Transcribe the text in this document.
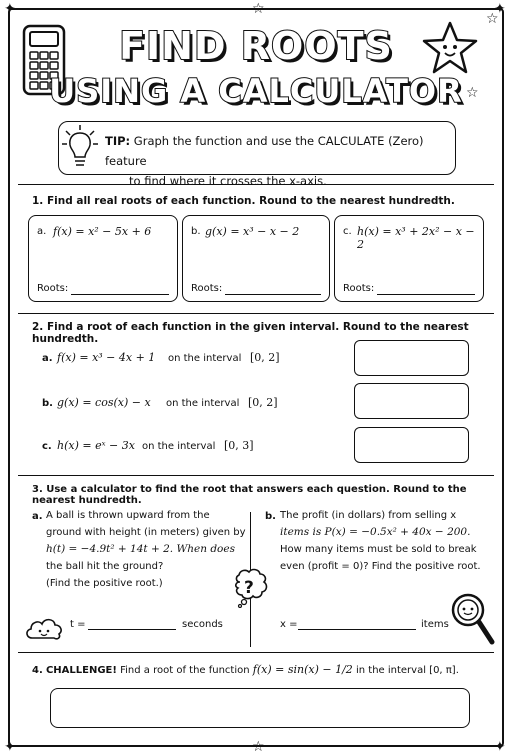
✦	☆	✦
✦	☆	✦
☆
☆
FIND ROOTS
USING A CALCULATOR
TIP: Graph the function and use the CALCULATE (Zero) feature
to find where it crosses the x-axis.
1. Find all real roots of each function. Round to the nearest hundredth.
a. f(x) = x² − 5x + 6
Roots:
b. g(x) = x³ − x − 2
Roots:
c. h(x) = x³ + 2x² − x − 2
Roots:
2. Find a root of each function in the given interval. Round to the nearest hundredth.
a. f(x) = x³ − 4x + 1 on the interval [0, 2]
b. g(x) = cos(x) − x on the interval [0, 2]
c. h(x) = eˣ − 3x on the interval [0, 3]
3. Use a calculator to find the root that answers each question. Round to the nearest hundredth.
a. A ball is thrown upward from the
ground with height (in meters) given by
h(t) = −4.9t² + 14t + 2. When does
the ball hit the ground?
(Find the positive root.)	?
b. The profit (in dollars) from selling x
items is P(x) = −0.5x² + 40x − 200.
How many items must be sold to break
even (profit = 0)? Find the positive root.
t =	seconds	x =	items
4. CHALLENGE! Find a root of the function f(x) = sin(x) − 1/2 in the interval [0, π].
